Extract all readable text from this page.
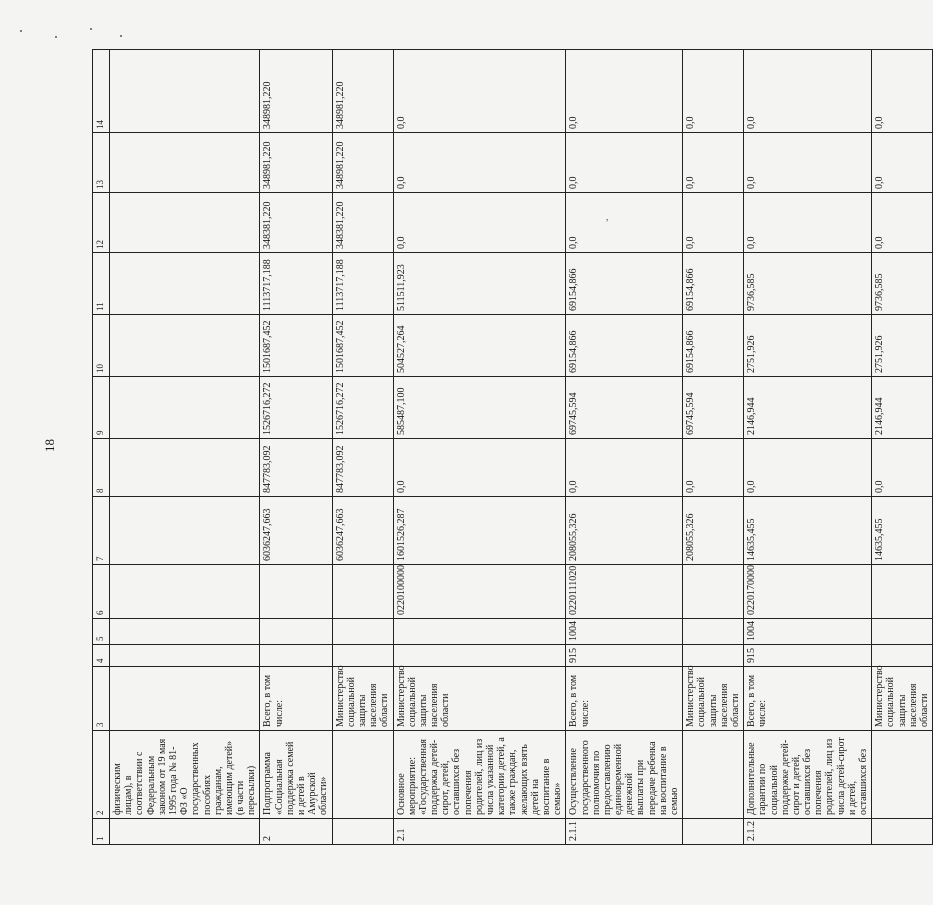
18
,
1	2	3	4	5	6	7	8	9	10	11	12	13	14
	физическим лицам), в соответствии с Федеральным законом от 19 мая 1995 года № 81-ФЗ «О государственных пособиях гражданам, имеющим детей» (в части пересылки)												
2	Подпрограмма «Социальная поддержка семей и детей в Амурской области»	Всего, в том числе:				6036247,663	847783,092	1526716,272	1501687,452	1113717,188	348381,220	348981,220	348981,220
		Министерство социальной защиты населения области				6036247,663	847783,092	1526716,272	1501687,452	1113717,188	348381,220	348981,220	348981,220
2.1	Основное мероприятие: «Государственная поддержка детей-сирот, детей, оставшихся без попечения родителей, лиц из числа указанной категории детей, а также граждан, желающих взять детей на воспитание в семью»	Министерство социальной защиты населения области			0220100000	1601526,287	0,0	585487,100	504527,264	511511,923	0,0	0,0	0,0
2.1.1	Осуществление государственного полномочия по предоставлению единовременной денежной выплаты при передаче ребенка на воспитание в семью	Всего, в том числе:	915	1004	0220111020	208055,326	0,0	69745,594	69154,866	69154,866	0,0	0,0	0,0
		Министерство социальной защиты населения области				208055,326	0,0	69745,594	69154,866	69154,866	0,0	0,0	0,0
2.1.2	Дополнительные гарантии по социальной поддержке детей-сирот и детей, оставшихся без попечения родителей, лиц из числа детей-сирот и детей, оставшихся без	Всего, в том числе:	915	1004	0220170000	14635,455	0,0	2146,944	2751,926	9736,585	0,0	0,0	0,0
		Министерство социальной защиты населения области				14635,455	0,0	2146,944	2751,926	9736,585	0,0	0,0	0,0
